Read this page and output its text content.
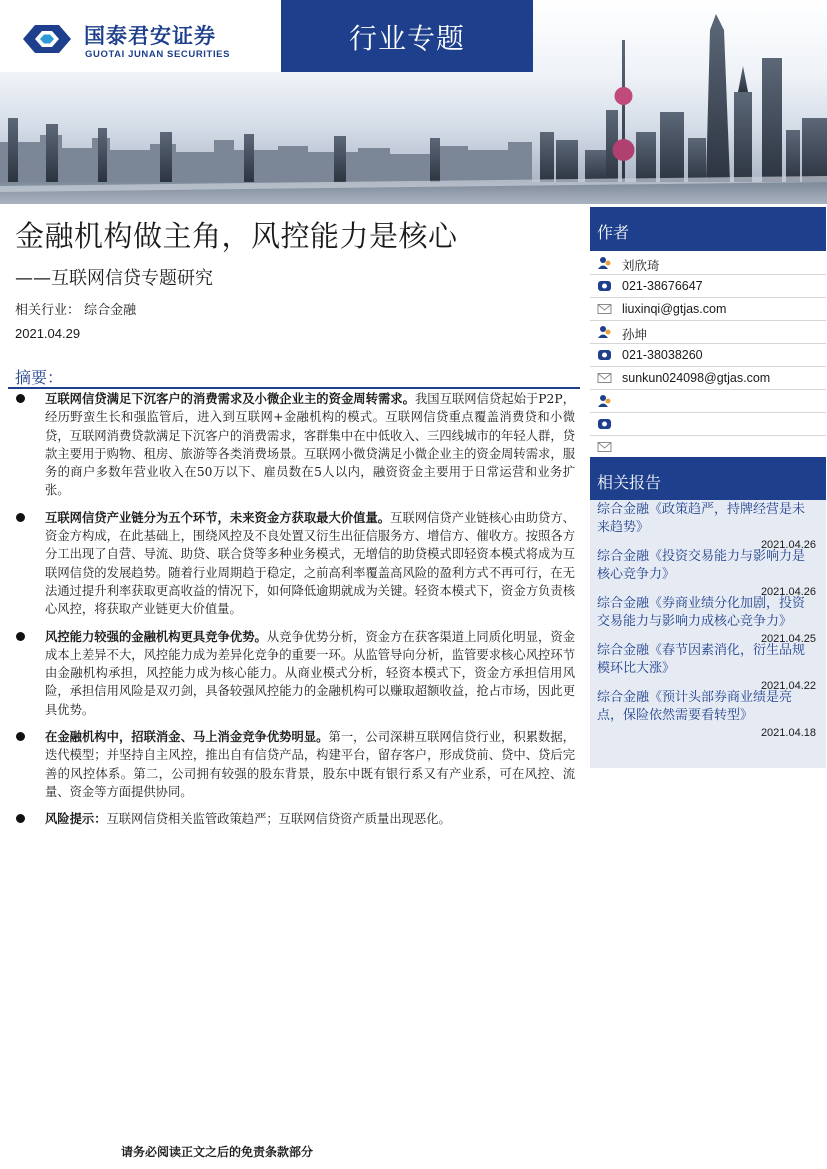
国泰君安证券
GUOTAI JUNAN SECURITIES	行业专题
金融机构做主角，风控能力是核心
——互联网信贷专题研究
相关行业： 综合金融
2021.04.29
摘要：
互联网信贷满足下沉客户的消费需求及小微企业主的资金周转需求。我国互联网信贷起始于P2P，经历野蛮生长和强监管后，进入到互联网+金融机构的模式。互联网信贷重点覆盖消费贷和小微贷，互联网消费贷款满足下沉客户的消费需求，客群集中在中低收入、三四线城市的年轻人群，贷款主要用于购物、租房、旅游等各类消费场景。互联网小微贷满足小微企业主的资金周转需求，服务的商户多数年营业收入在50万以下、雇员数在5人以内，融资资金主要用于日常运营和业务扩张。
互联网信贷产业链分为五个环节，未来资金方获取最大价值量。互联网信贷产业链核心由助贷方、资金方构成，在此基础上，围绕风控及不良处置又衍生出征信服务方、增信方、催收方。按照各方分工出现了自营、导流、助贷、联合贷等多种业务模式，无增信的助贷模式即轻资本模式将成为互联网信贷的发展趋势。随着行业周期趋于稳定，之前高利率覆盖高风险的盈利方式不再可行，在无法通过提升利率获取更高收益的情况下，如何降低逾期就成为关键。轻资本模式下，资金方负责核心风控，将获取产业链更大价值量。
风控能力较强的金融机构更具竞争优势。从竞争优势分析，资金方在获客渠道上同质化明显，资金成本上差异不大，风控能力成为差异化竞争的重要一环。从监管导向分析，监管要求核心风控环节由金融机构承担，风控能力成为核心能力。从商业模式分析，轻资本模式下，资金方承担信用风险，承担信用风险是双刃剑，具备较强风控能力的金融机构可以赚取超额收益，抢占市场，因此更具优势。
在金融机构中，招联消金、马上消金竞争优势明显。第一，公司深耕互联网信贷行业，积累数据，迭代模型；并坚持自主风控，推出自有信贷产品，构建平台，留存客户，形成贷前、贷中、贷后完善的风控体系。第二，公司拥有较强的股东背景，股东中既有银行系又有产业系，可在风控、流量、资金等方面提供协同。
风险提示：互联网信贷相关监管政策趋严；互联网信贷资产质量出现恶化。
作者
刘欣琦
021-38676647
liuxinqi@gtjas.com
孙坤
021-38038260
sunkun024098@gtjas.com
相关报告
综合金融《政策趋严，持牌经营是未来趋势》
2021.04.26
综合金融《投资交易能力与影响力是核心竞争力》
2021.04.26
综合金融《券商业绩分化加剧，投资交易能力与影响力成核心竞争力》
2021.04.25
综合金融《春节因素消化，衍生品规模环比大涨》
2021.04.22
综合金融《预计头部券商业绩是亮点，保险依然需要看转型》
2021.04.18
请务必阅读正文之后的免责条款部分
